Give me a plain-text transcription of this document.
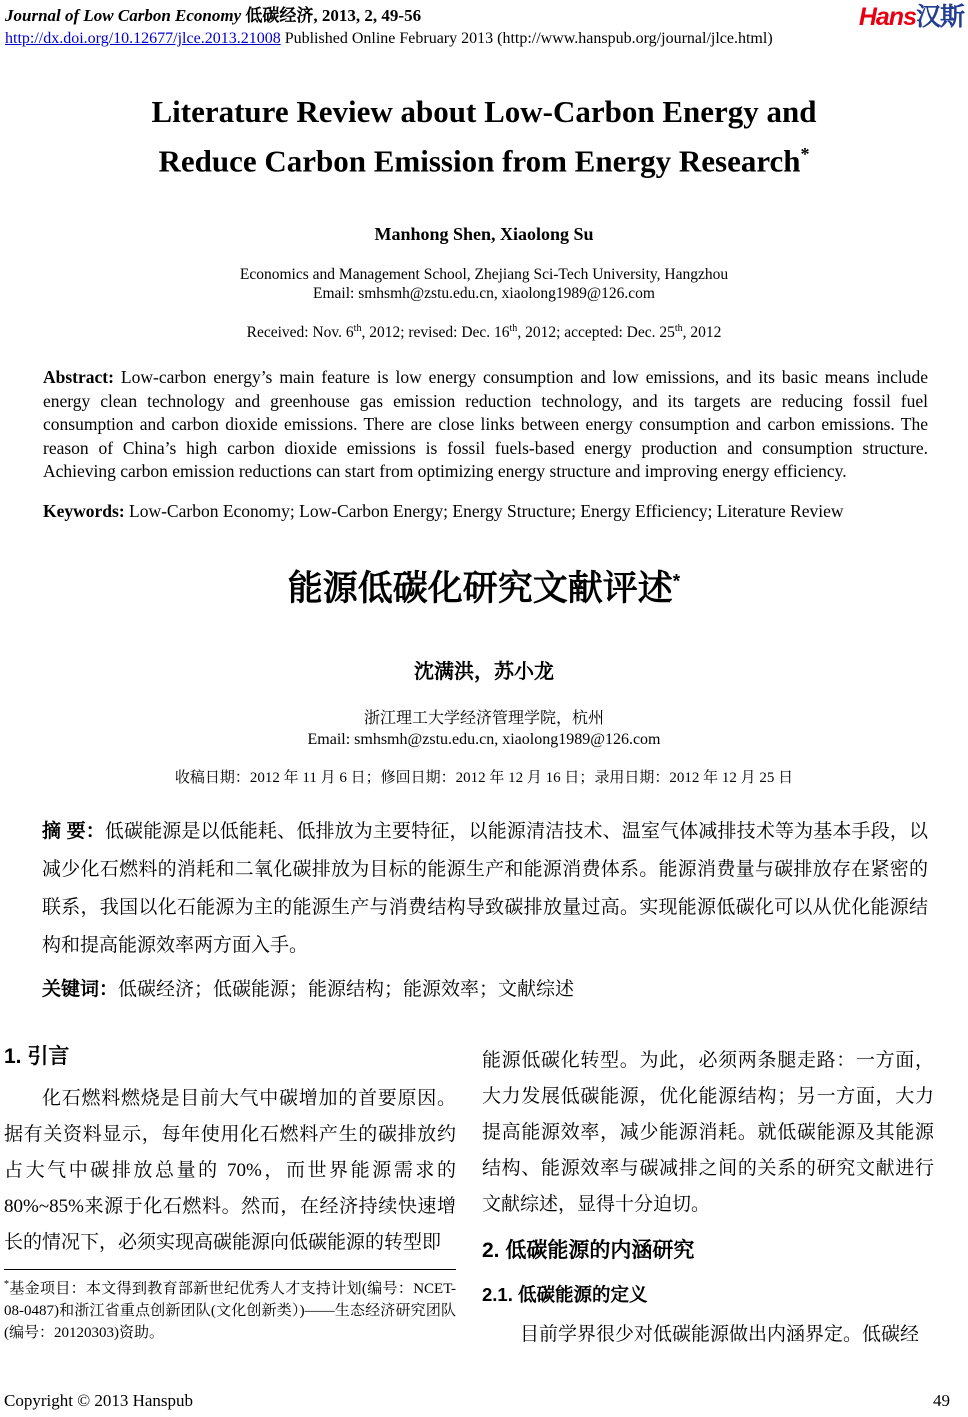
Journal of Low Carbon Economy 低碳经济, 2013, 2, 49-56
http://dx.doi.org/10.12677/jlce.2013.21008 Published Online February 2013 (http://www.hanspub.org/journal/jlce.html)
Hans汉斯
Literature Review about Low-Carbon Energy and
Reduce Carbon Emission from Energy Research*
Manhong Shen, Xiaolong Su
Economics and Management School, Zhejiang Sci-Tech University, Hangzhou
Email: smhsmh@zstu.edu.cn, xiaolong1989@126.com
Received: Nov. 6th, 2012; revised: Dec. 16th, 2012; accepted: Dec. 25th, 2012

Abstract: Low-carbon energy’s main feature is low energy consumption and low emissions, and its basic means include energy clean technology and greenhouse gas emission reduction technology, and its targets are reducing fossil fuel consumption and carbon dioxide emissions. There are close links between energy consumption and carbon emissions. The reason of China’s high carbon dioxide emissions is fossil fuels-based energy production and consumption structure. Achieving carbon emission reductions can start from optimizing energy structure and improving energy efficiency.

Keywords: Low-Carbon Economy; Low-Carbon Energy; Energy Structure; Energy Efficiency; Literature Review

能源低碳化研究文献评述*
沈满洪，苏小龙
浙江理工大学经济管理学院，杭州
Email: smhsmh@zstu.edu.cn, xiaolong1989@126.com
收稿日期：2012 年 11 月 6 日；修回日期：2012 年 12 月 16 日；录用日期：2012 年 12 月 25 日

摘 要：低碳能源是以低能耗、低排放为主要特征，以能源清洁技术、温室气体减排技术等为基本手段，以减少化石燃料的消耗和二氧化碳排放为目标的能源生产和能源消费体系。能源消费量与碳排放存在紧密的联系，我国以化石能源为主的能源生产与消费结构导致碳排放量过高。实现能源低碳化可以从优化能源结构和提高能源效率两方面入手。

关键词：低碳经济；低碳能源；能源结构；能源效率；文献综述

1. 引言

化石燃料燃烧是目前大气中碳增加的首要原因。据有关资料显示，每年使用化石燃料产生的碳排放约占大气中碳排放总量的 70%，而世界能源需求的80%~85%来源于化石燃料。然而，在经济持续快速增长的情况下，必须实现高碳能源向低碳能源的转型即

*基金项目：本文得到教育部新世纪优秀人才支持计划(编号：NCET-08-0487)和浙江省重点创新团队(文化创新类）)——生态经济研究团队(编号：20120303)资助。

能源低碳化转型。为此，必须两条腿走路：一方面，大力发展低碳能源，优化能源结构；另一方面，大力提高能源效率，减少能源消耗。就低碳能源及其能源结构、能源效率与碳减排之间的关系的研究文献进行文献综述，显得十分迫切。

2. 低碳能源的内涵研究
2.1. 低碳能源的定义

目前学界很少对低碳能源做出内涵界定。低碳经

Copyright © 2013 Hanspub	49
